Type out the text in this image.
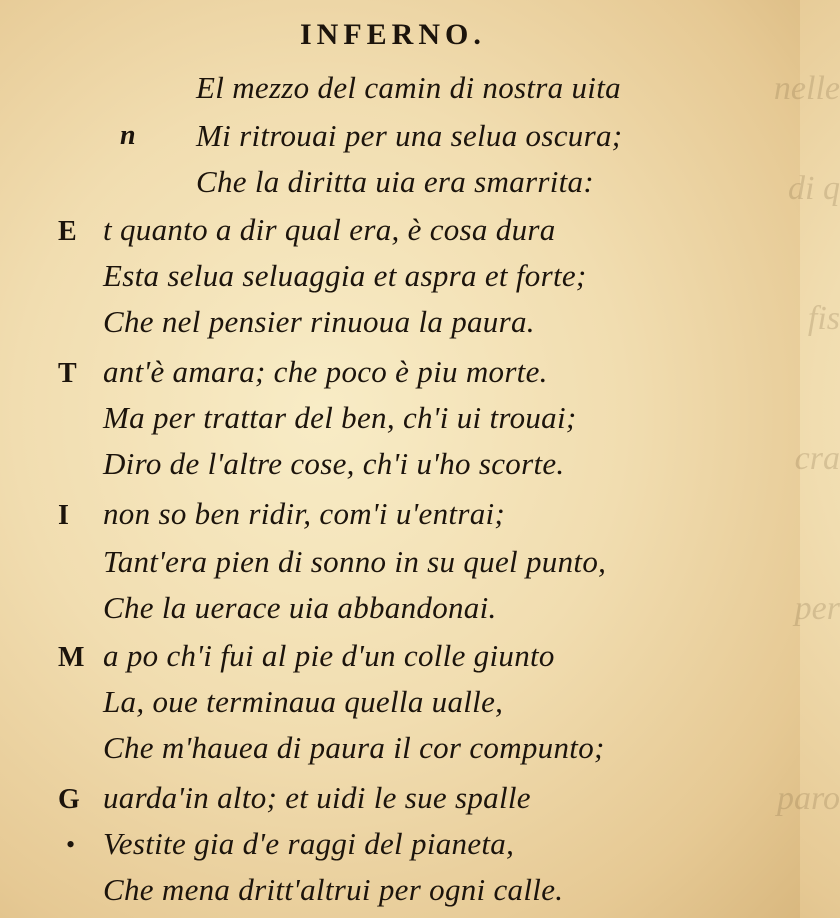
nelle
di q
fis
cra
per
paro
INFERNO.
n
El mezzo del camin di nostra uita
Mi ritrouai per una selua oscura;
Che la diritta uia era smarrita:
E t quanto a dir qual era, è cosa dura
Esta selua seluaggia et aspra et forte;
Che nel pensier rinuoua la paura.
T ant'è amara; che poco è piu morte.
Ma per trattar del ben, ch'i ui trouai;
Diro de l'altre cose, ch'i u'ho scorte.
I non so ben ridir, com'i u'entrai;
Tant'era pien di sonno in su quel punto,
Che la uerace uia abbandonai.
M a po ch'i fui al pie d'un colle giunto
La, oue terminaua quella ualle,
Che m'hauea di paura il cor compunto;
G uarda'in alto; et uidi le sue spalle
• Vestite gia d'e raggi del pianeta,
Che mena dritt'altrui per ogni calle.
